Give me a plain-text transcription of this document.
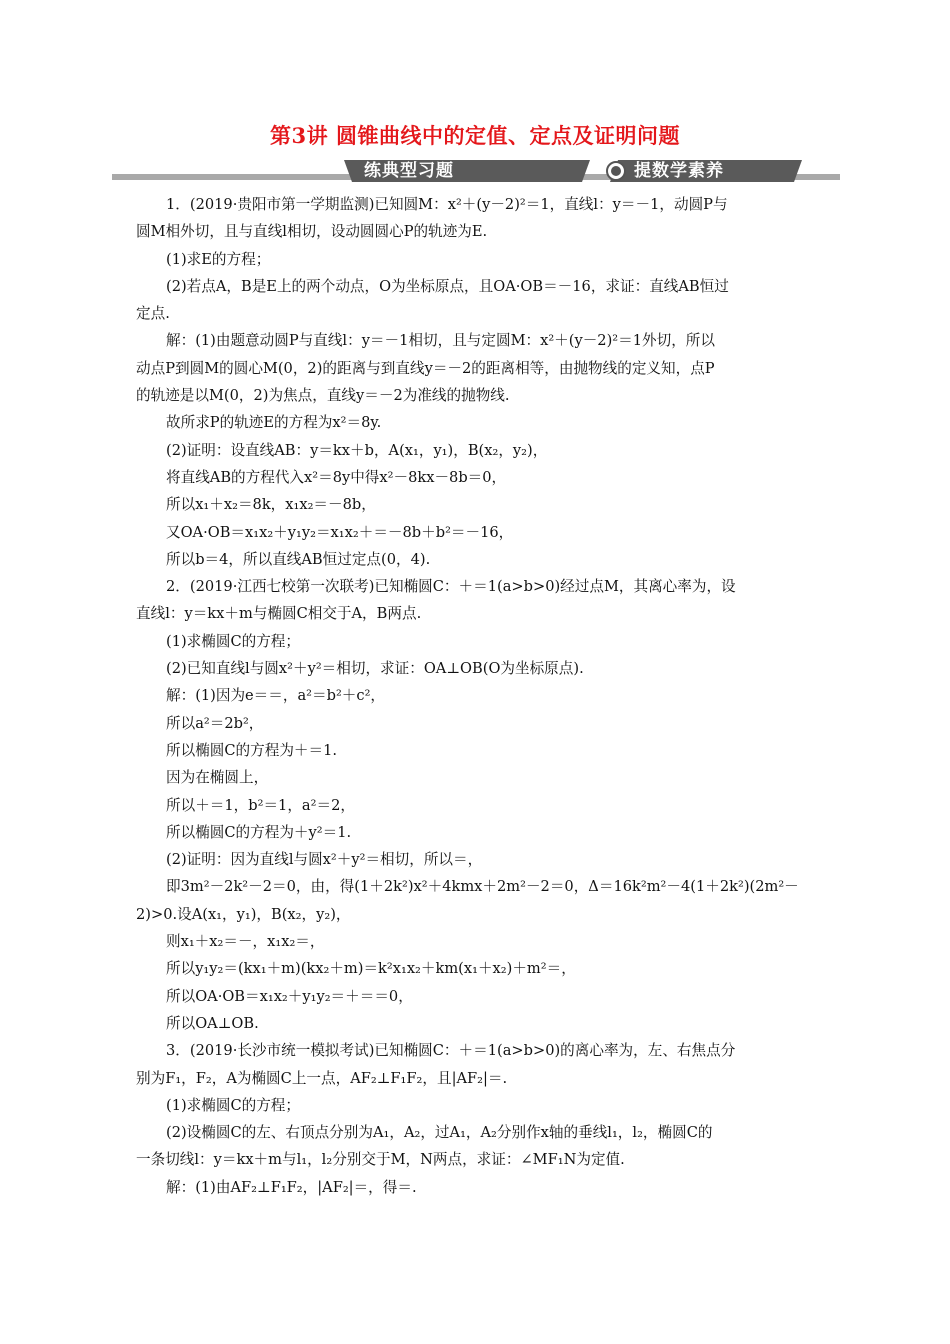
第3讲 圆锥曲线中的定值、定点及证明问题
练典型习题	提数学素养
1．(2019·贵阳市第一学期监测)已知圆M：x²＋(y－2)²＝1，直线l：y＝－1，动圆P与
圆M相外切，且与直线l相切，设动圆圆心P的轨迹为E.
(1)求E的方程；
(2)若点A，B是E上的两个动点，O为坐标原点，且OA·OB＝－16，求证：直线AB恒过
定点.
解：(1)由题意动圆P与直线l：y＝－1相切，且与定圆M：x²＋(y－2)²＝1外切，所以
动点P到圆M的圆心M(0，2)的距离与到直线y＝－2的距离相等，由抛物线的定义知，点P
的轨迹是以M(0，2)为焦点，直线y＝－2为准线的抛物线.
故所求P的轨迹E的方程为x²＝8y.
(2)证明：设直线AB：y＝kx＋b，A(x₁，y₁)，B(x₂，y₂)，
将直线AB的方程代入x²＝8y中得x²－8kx－8b＝0，
所以x₁＋x₂＝8k，x₁x₂＝－8b，
又OA·OB＝x₁x₂＋y₁y₂＝x₁x₂＋＝－8b＋b²＝－16，
所以b＝4，所以直线AB恒过定点(0，4).
2．(2019·江西七校第一次联考)已知椭圆C：＋＝1(a>b>0)经过点M，其离心率为，设
直线l：y＝kx＋m与椭圆C相交于A，B两点.
(1)求椭圆C的方程；
(2)已知直线l与圆x²＋y²＝相切，求证：OA⊥OB(O为坐标原点).
解：(1)因为e＝＝，a²＝b²＋c²，
所以a²＝2b²，
所以椭圆C的方程为＋＝1.
因为在椭圆上，
所以＋＝1，b²＝1，a²＝2，
所以椭圆C的方程为＋y²＝1.
(2)证明：因为直线l与圆x²＋y²＝相切，所以＝，
即3m²－2k²－2＝0，由，得(1＋2k²)x²＋4kmx＋2m²－2＝0，Δ＝16k²m²－4(1＋2k²)(2m²－
2)>0.设A(x₁，y₁)，B(x₂，y₂)，
则x₁＋x₂＝－，x₁x₂＝，
所以y₁y₂＝(kx₁＋m)(kx₂＋m)＝k²x₁x₂＋km(x₁＋x₂)＋m²＝，
所以OA·OB＝x₁x₂＋y₁y₂＝＋＝＝0，
所以OA⊥OB.
3．(2019·长沙市统一模拟考试)已知椭圆C：＋＝1(a>b>0)的离心率为，左、右焦点分
别为F₁，F₂，A为椭圆C上一点，AF₂⊥F₁F₂，且|AF₂|＝.
(1)求椭圆C的方程；
(2)设椭圆C的左、右顶点分别为A₁，A₂，过A₁，A₂分别作x轴的垂线l₁，l₂，椭圆C的
一条切线l：y＝kx＋m与l₁，l₂分别交于M，N两点，求证：∠MF₁N为定值.
解：(1)由AF₂⊥F₁F₂，|AF₂|＝，得＝.
